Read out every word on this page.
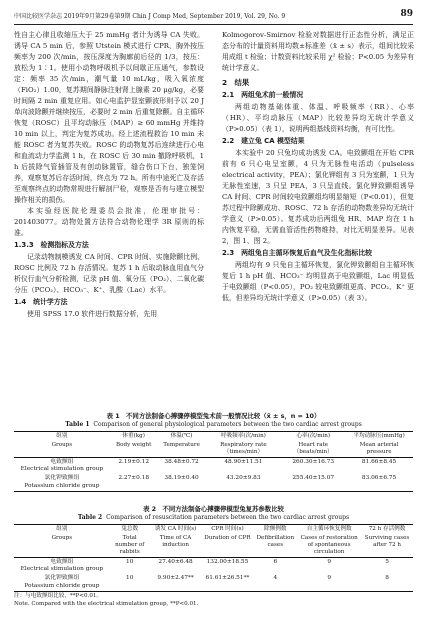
中国比较医学杂志 2019年9月第29卷第9期 Chin J Comp Med, September 2019, Vol. 29, No. 9	89

性自主心律且收缩压大于 25 mmHg 者计为诱导 CA 失败。诱导 CA 5 min 后，参照 Utstein 模式进行 CPR，胸外按压频率为 200 次/min，按压深度为胸廓前后径的 1/3，按压：放松为 1∶1。使用小动物呼吸机予以间歇正压通气，参数设定：频率 35 次/min，潮气量 10 mL/kg，吸入氧浓度（FiO₂）1.00，复苏期间静脉注射肾上腺素 20 μg/kg，必要时间隔 2 min 重复应用。如心电监护显室颤波形则予以 20 J 单向波除颤并继续按压，必要时 2 min 后重复除颤。自主循环恢复（ROSC）且平均动脉压（MAP）≥ 60 mmHg 并维持 10 min 以上，判定为复苏成功。经上述流程救治 10 min 未能 ROSC 者为复苏失败。ROSC 的动物复苏后连续进行心电和血流动力学监测 1 h，在 ROSC 后 30 min 撤除呼吸机，1 h 后拔除气管插管及有创动脉置管，缝合伤口下台，独笼饲养，观察复苏后存活时间，终点为 72 h。所有中途死亡及存活至观察终点的动物常规进行解剖尸检，观察是否有与建立模型操作相关的损伤。

本实验经医院伦理委员会批准，伦理审批号：201403077。动物处置方法符合动物伦理学 3R 原则的标准。

1.3.3　检测指标及方法

记录动物制模诱发 CA 时间、CPR 时间、实施除颤比例、ROSC 比例及 72 h 存活情况。复苏 1 h 后取动脉血用血气分析仪行血气分析检测，记录 pH 值、氧分压（PO₂）、二氧化碳分压（PCO₂）、HCO₃⁻、K⁺、乳酸（Lac）水平。

1.4　统计学方法

使用 SPSS 17.0 软件进行数据分析，先用

Kolmogorov-Smirnov 检验对数据进行正态性分析，满足正态分布的计量资料用均数±标准差（x̄ ± s）表示，组间比较采用成组 t 检验；计数资料比较采用 χ² 检验；P<0.05 为差异有统计学意义。

2　结果

2.1　两组兔术前一般情况

两组动物基础体重、体温、呼吸频率（RR）、心率（HR）、平均动脉压（MAP）比较差异均无统计学意义（P>0.05）（表 1），说明两组基线资料均衡，有可比性。

2.2　建立兔 CA 模型结果

本实验中 20 只兔均成功诱发 CA。电致颤组在开始 CPR 前有 6 只心电呈室颤，4 只为无脉性电活动（pulseless electrical activity，PEA）；氯化钾组有 3 只为室颤，1 只为无脉性室速，3 只呈 PEA，3 只呈直线。氯化钾致颤组诱导 CA 时间、CPR 时间较电致颤组均明显缩短（P<0.01），但复苏过程中除颤成功、ROSC、72 h 存活的动物数差异均无统计学意义（P>0.05）。复苏成功后两组兔 HR、MAP 均在 1 h 内恢复平稳，无需血管活性药物维持，对比无明显差异。见表 2，图 1、图 2。

2.3　两组兔自主循环恢复后血气及生化指标比较

两组均有 9 只兔自主循环恢复，氯化钾致颤组自主循环恢复后 1 h pH 值、HCO₃⁻ 均明显高于电致颤组，Lac 明显低于电致颤组（P<0.05），PO₂ 较电致颤组更高、PCO₂、K⁺ 更低，但差异均无统计学意义（P>0.05）（表 3）。

表 1　不同方法制备心搏骤停模型兔术前一般情况比较（x̄ ± s，n = 10）
Table 1 Comparison of general physiological parameters between the two cardiac arrest groups
组别	体重(kg)	体温(℃)	呼吸频率(次/min)	心率(次/min)	平均动脉压(mmHg)
Groups	Body weight	Temperature	Respiratory rate（times/min）	Heart rate（beats/min）	Mean arterial pressure

电致颤组
Electrical stimulation group	2.19±0.12	38.48±0.72	48.90±11.51	260.30±16.73	81.66±8.45

氯化钾致颤组
Potassium chloride group	2.27±0.18	38.19±0.40	43.20±9.83	255.40±15.07	83.06±6.75
表 2　不同方法制备心搏骤停模型兔复苏参数比较
Table 2 Comparison of resuscitation parameters between the two cardiac arrest groups
组别	兔总数	诱发 CA 时间(s)	CPR 时间(s)	除颤例数	自主循环恢复例数	72 h 存活例数
Groups	Total number of rabbits	Time of CA induction	Duration of CPR	Defibrillation cases	Cases of restoration of spontaneous circulation	Surviving cases after 72 h

电致颤组
Electrical stimulation group	10	27.40±6.48	132.00±18.55	6	9	5

氯化钾致颤组
Potassium chloride group	10	9.90±2.47**	61.61±26.51**	4	9	8
注：与电致颤组比较，**P<0.01。
Note. Compared with the electrical stimulation group, **P<0.01.
